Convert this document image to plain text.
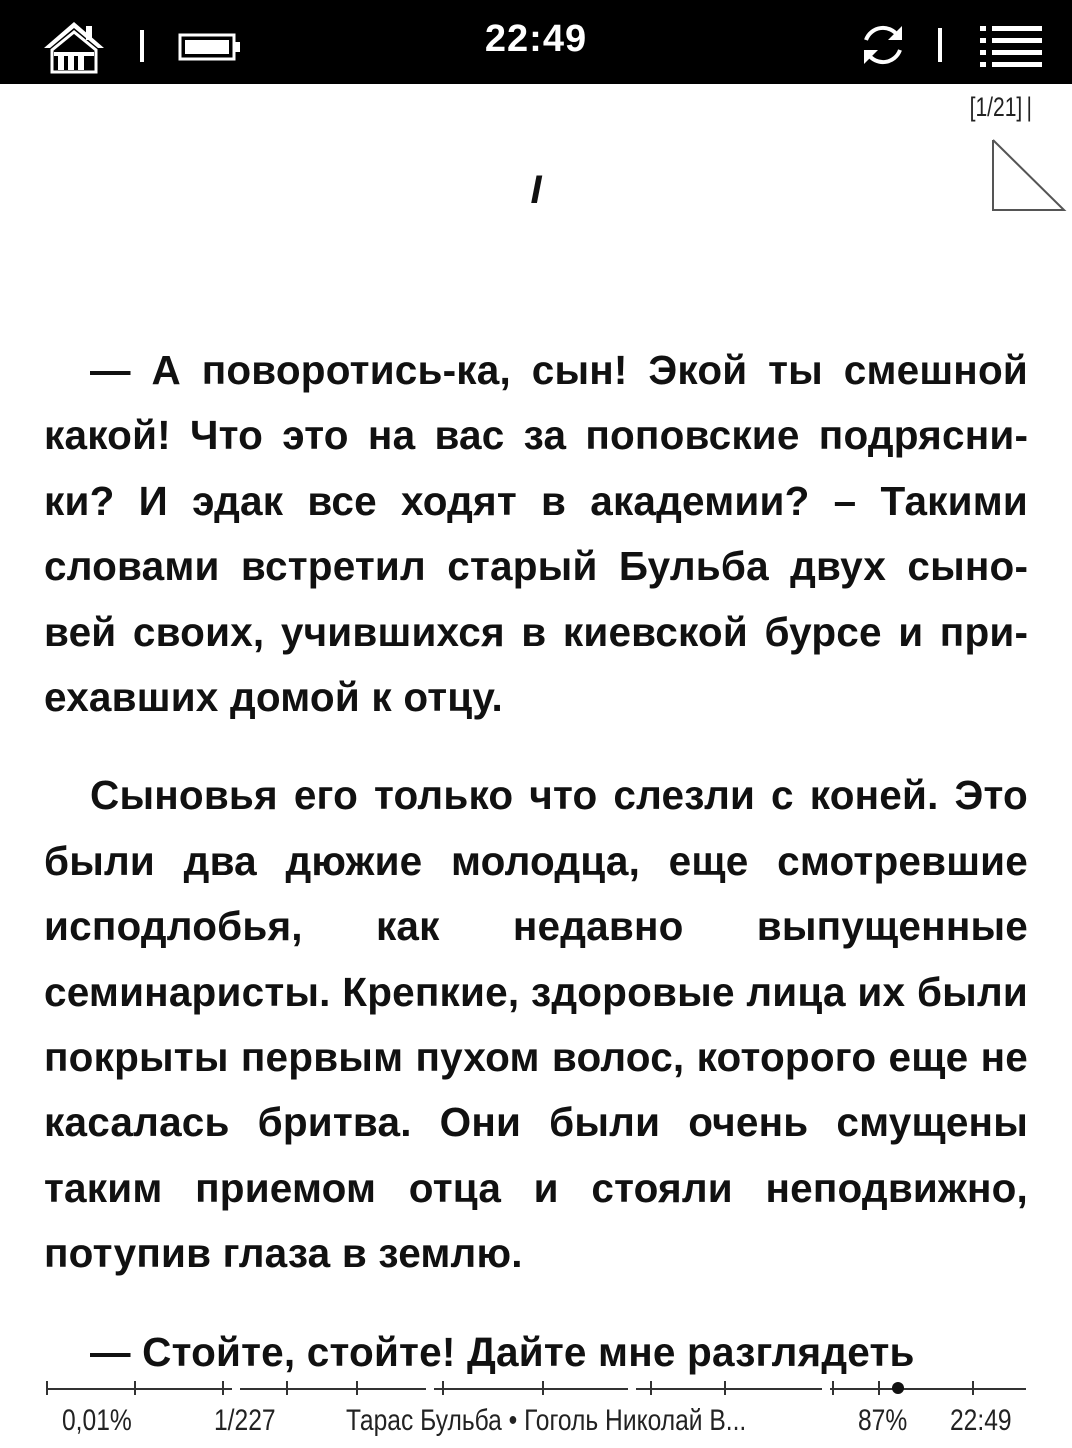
22:49
[1/21] |
I

— А поворотись-ка, сын! Экой ты смешной какой! Что это на вас за поповские подрясники? И эдак все ходят в академии? – Такими словами встретил старый Бульба двух сыновей своих, учившихся в киевской бурсе и приехавших домой к отцу.

Сыновья его только что слезли с коней. Это были два дюжие молодца, еще смотревшие исподлобья, как недавно выпущенные семинаристы. Крепкие, здоровые лица их были покрыты первым пухом волос, которого еще не касалась бритва. Они были очень смущены таким приемом отца и стояли неподвижно, потупив глаза в землю.

— Стойте, стойте! Дайте мне разглядеть

0,01%	1/227 Тарас Бульба • Гоголь Николай В...	87% 22:49
